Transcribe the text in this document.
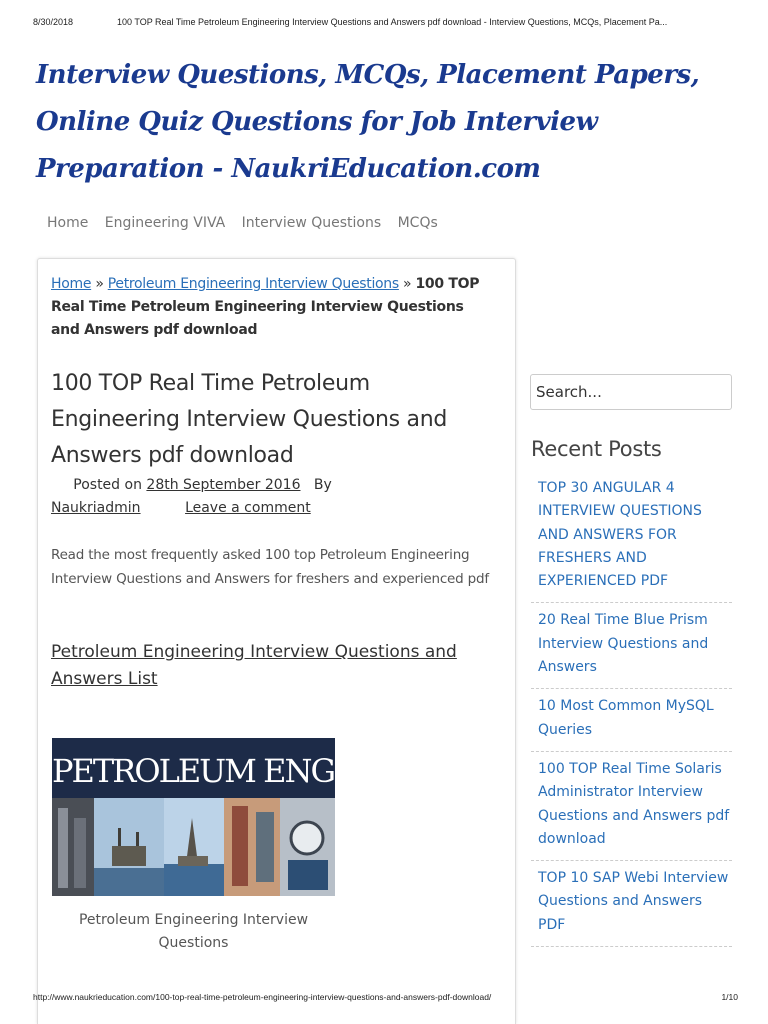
8/30/2018	100 TOP Real Time Petroleum Engineering Interview Questions and Answers pdf download - Interview Questions, MCQs, Placement Pa...
Interview Questions, MCQs, Placement Papers, Online Quiz Questions for Job Interview Preparation - NaukriEducation.com
Home Engineering VIVA Interview Questions MCQs
Home » Petroleum Engineering Interview Questions » 100 TOP Real Time Petroleum Engineering Interview Questions and Answers pdf download
100 TOP Real Time Petroleum Engineering Interview Questions and Answers pdf download
Posted on 28th September 2016 By
Naukriadmin	Leave a comment

Read the most frequently asked 100 top Petroleum Engineering Interview Questions and Answers for freshers and experienced pdf

Petroleum Engineering Interview Questions and Answers List
PETROLEUM ENGINEERING
Petroleum Engineering Interview Questions
Search...
Recent Posts
TOP 30 ANGULAR 4 INTERVIEW QUESTIONS AND ANSWERS FOR FRESHERS AND EXPERIENCED PDF
20 Real Time Blue Prism Interview Questions and Answers
10 Most Common MySQL Queries
100 TOP Real Time Solaris Administrator Interview Questions and Answers pdf download
TOP 10 SAP Webi Interview Questions and Answers PDF
http://www.naukrieducation.com/100-top-real-time-petroleum-engineering-interview-questions-and-answers-pdf-download/	1/10
